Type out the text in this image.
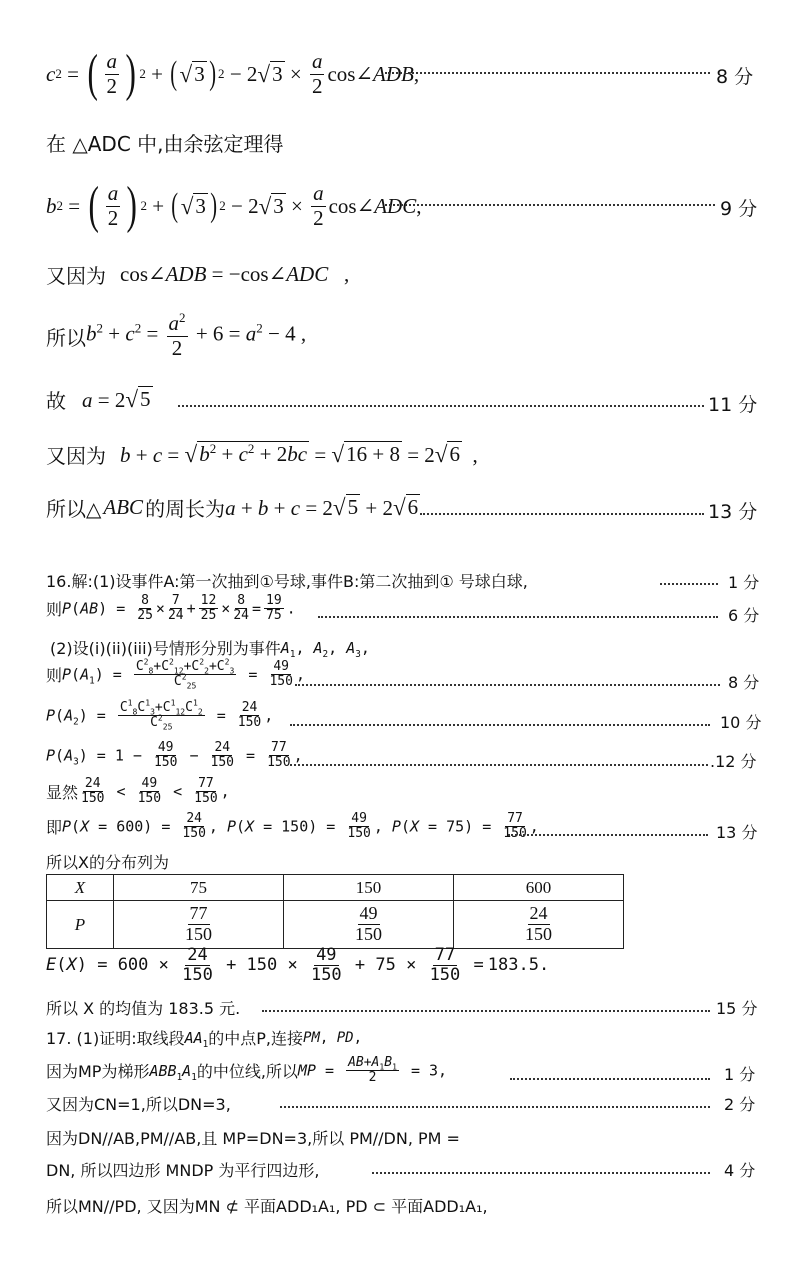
c 2 = ( $\frac{a}{2}$ ) 2 + ( √ 3 ) 2 − 2 √ $3 \times \frac{a}{2}$ cos∠ ADB ,	8 分
在 △ADC 中,由余弦定理得
b 2 = ( $\frac{a}{2}$ ) 2 + ( √ 3 ) 2 − 2 √ $3 \times \frac{a}{2}$ cos∠ ADC ,	9 分
又因为 cos∠ADB = −cos∠ADC   ,
所以 $b^2 + c^2 = \frac{a^2}{2} + 6 = a^2 - 4$ ,
故 a = 2 √ 5	11 分
又因为 b + c = √ $b^2 + c^2 + 2bc$ = √ 16 + 8 = 2 √ 6 ,
所以△ ABC 的周长为 a + b + c = 2 √ 5 + 2 √ 6	13 分
16.解:(1)设事件A:第一次抽到①号球,事件B:第二次抽到① 号球白球,	1 分
则 $P(AB) = \frac{8}{25} \times \frac{7}{24} + \frac{12}{25} \times \frac{8}{24} = \frac{19}{75}$ .	6 分
(2)设(i)(ii)(iii)号情形分别为事件 $A_1$, $A_2$, $A_3$,
则 $P(A_1) = \frac{C^2_8+C^2_{12}+C^2_2+C^2_3}{C^2_{25}} = \frac{49}{150}$ ,	8 分
$P(A_2) = \frac{C^1_8C^1_3+C^1_{12}C^1_2}{C^2_{25}} = \frac{24}{150}$ ,	10 分
$P(A_3) = 1 - \frac{49}{150} - \frac{24}{150} = \frac{77}{150}$ ,	.12 分
显然 $\frac{24}{150} < \frac{49}{150} < \frac{77}{150}$ ,
即 $P(X = 600) = \frac{24}{150}$ , $P(X = 150) = \frac{49}{150}$ , $P(X = 75) = \frac{77}{150}$ ,	13 分
所以X的分布列为
X	75	150	600
P	$\frac{77}{150}$	$\frac{49}{150}$	$\frac{24}{150}$
$E(X) = 600 \times \frac{24}{150} + 150 \times \frac{49}{150} + 75 \times \frac{77}{150} = 183.5$.
所以 X 的均值为 183.5 元.	15 分
17. (1)证明:取线段 $AA_1$ 的中点P,连接 PM, PD,
因为MP为梯形 $ABB_1A_1$ 的中位线,所以 MP = $\frac{AB+A_1B_1}{2} = 3$,	1 分
又因为CN=1,所以DN=3,	2 分
因为DN//AB,PM//AB,且 MP=DN=3,所以 PM//DN, PM =
DN, 所以四边形 MNDP 为平行四边形,	4 分
所以MN//PD, 又因为MN ⊄ 平面ADD₁A₁, PD ⊂ 平面ADD₁A₁,
